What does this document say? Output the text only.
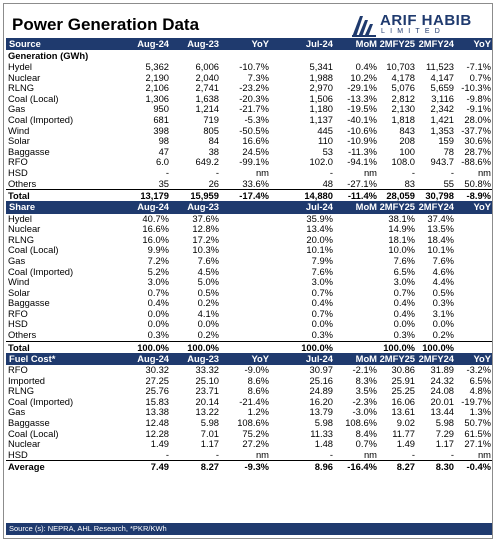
Power Generation Data	ARIF HABIB
LIMITED
Source	Aug-24	Aug-23	YoY	Jul-24	MoM	2MFY25	2MFY24	YoY
Generation (GWh)								
Hydel	5,362	6,006	-10.7%	5,341	0.4%	10,703	11,523	-7.1%
Nuclear	2,190	2,040	7.3%	1,988	10.2%	4,178	4,147	0.7%
RLNG	2,106	2,741	-23.2%	2,970	-29.1%	5,076	5,659	-10.3%
Coal (Local)	1,306	1,638	-20.3%	1,506	-13.3%	2,812	3,116	-9.8%
Gas	950	1,214	-21.7%	1,180	-19.5%	2,130	2,342	-9.1%
Coal (Imported)	681	719	-5.3%	1,137	-40.1%	1,818	1,421	28.0%
Wind	398	805	-50.5%	445	-10.6%	843	1,353	-37.7%
Solar	98	84	16.6%	110	-10.9%	208	159	30.6%
Baggasse	47	38	24.5%	53	-11.3%	100	78	28.7%
RFO	6.0	649.2	-99.1%	102.0	-94.1%	108.0	943.7	-88.6%
HSD	-	-	nm	-	nm	-	-	nm
Others	35	26	33.6%	48	-27.1%	83	55	50.8%
Total	13,179	15,959	-17.4%	14,880	-11.4%	28,059	30,798	-8.9%
Share	Aug-24	Aug-23		Jul-24	MoM	2MFY25	2MFY24	YoY
Hydel	40.7%	37.6%		35.9%		38.1%	37.4%	
Nuclear	16.6%	12.8%		13.4%		14.9%	13.5%	
RLNG	16.0%	17.2%		20.0%		18.1%	18.4%	
Coal (Local)	9.9%	10.3%		10.1%		10.0%	10.1%	
Gas	7.2%	7.6%		7.9%		7.6%	7.6%	
Coal (Imported)	5.2%	4.5%		7.6%		6.5%	4.6%	
Wind	3.0%	5.0%		3.0%		3.0%	4.4%	
Solar	0.7%	0.5%		0.7%		0.7%	0.5%	
Baggasse	0.4%	0.2%		0.4%		0.4%	0.3%	
RFO	0.0%	4.1%		0.7%		0.4%	3.1%	
HSD	0.0%	0.0%		0.0%		0.0%	0.0%	
Others	0.3%	0.2%		0.3%		0.3%	0.2%	
Total	100.0%	100.0%		100.0%		100.0%	100.0%	
Fuel Cost*	Aug-24	Aug-23	YoY	Jul-24	MoM	2MFY25	2MFY24	YoY
RFO	30.32	33.32	-9.0%	30.97	-2.1%	30.86	31.89	-3.2%
Imported	27.25	25.10	8.6%	25.16	8.3%	25.91	24.32	6.5%
RLNG	25.76	23.71	8.6%	24.89	3.5%	25.25	24.08	4.8%
Coal (Imported)	15.83	20.14	-21.4%	16.20	-2.3%	16.06	20.01	-19.7%
Gas	13.38	13.22	1.2%	13.79	-3.0%	13.61	13.44	1.3%
Baggasse	12.48	5.98	108.6%	5.98	108.6%	9.02	5.98	50.7%
Coal (Local)	12.28	7.01	75.2%	11.33	8.4%	11.77	7.29	61.5%
Nuclear	1.49	1.17	27.2%	1.48	0.7%	1.49	1.17	27.1%
HSD	-	-	nm	-	nm	-	-	nm
Average	7.49	8.27	-9.3%	8.96	-16.4%	8.27	8.30	-0.4%
Source (s): NEPRA, AHL Research, *PKR/KWh
